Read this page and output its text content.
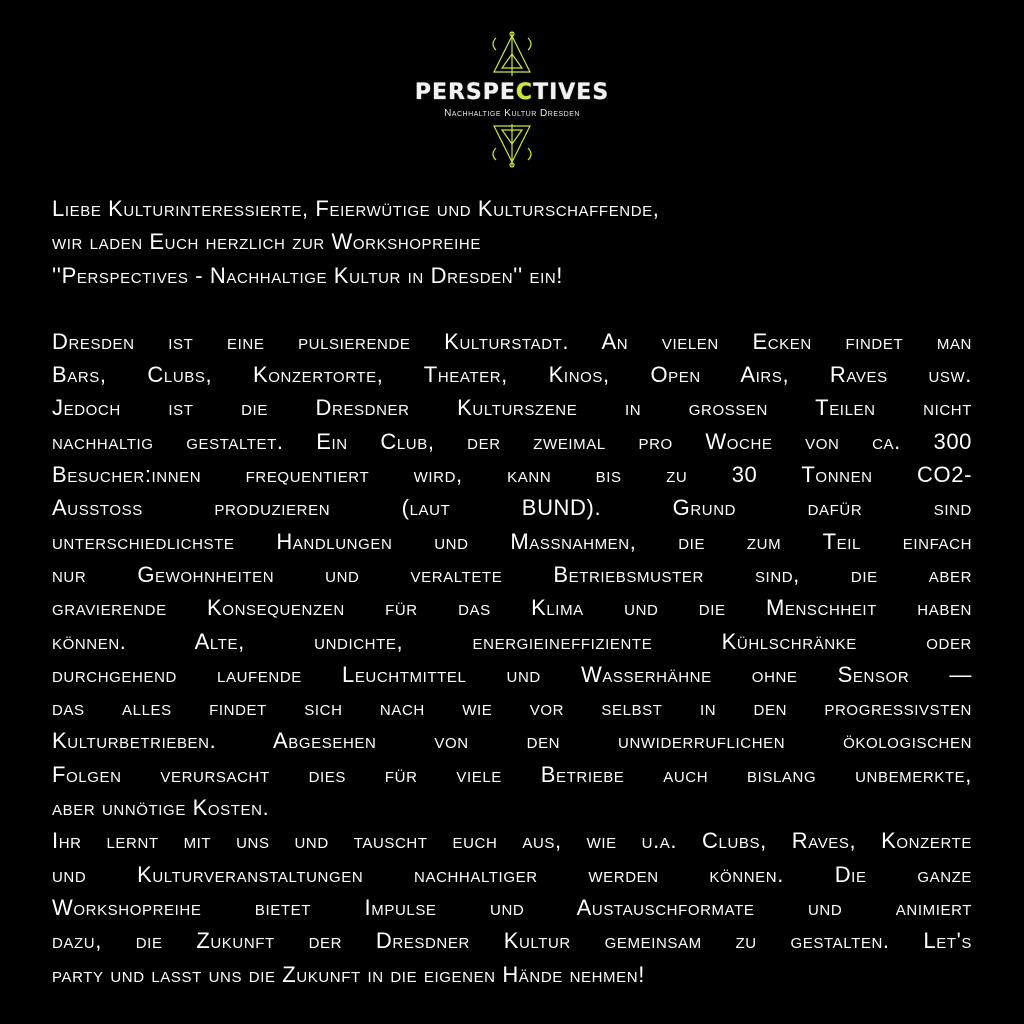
PERSPECTIVES
Nachhaltige Kultur Dresden

Liebe Kulturinteressierte, Feierwütige und Kulturschaffende,
wir laden Euch herzlich zur Workshopreihe
''Perspectives - Nachhaltige Kultur in Dresden'' ein!

Dresden ist eine pulsierende Kulturstadt. An vielen Ecken findet man
Bars, Clubs, Konzertorte, Theater, Kinos, Open Airs, Raves usw.
Jedoch ist die Dresdner Kulturszene in grossen Teilen nicht
nachhaltig gestaltet. Ein Club, der zweimal pro Woche von ca. 300
Besucher:innen frequentiert wird, kann bis zu 30 Tonnen CO2-
Ausstoss produzieren (laut BUND). Grund dafür sind
unterschiedlichste Handlungen und Massnahmen, die zum Teil einfach
nur Gewohnheiten und veraltete Betriebsmuster sind, die aber
gravierende Konsequenzen für das Klima und die Menschheit haben
können. Alte, undichte, energieineffiziente Kühlschränke oder
durchgehend laufende Leuchtmittel und Wasserhähne ohne Sensor —
das alles findet sich nach wie vor selbst in den progressivsten
Kulturbetrieben. Abgesehen von den unwiderruflichen ökologischen
Folgen verursacht dies für viele Betriebe auch bislang unbemerkte,
aber unnötige Kosten.

Ihr lernt mit uns und tauscht euch aus, wie u.a. Clubs, Raves, Konzerte
und Kulturveranstaltungen nachhaltiger werden können. Die ganze
Workshopreihe bietet Impulse und Austauschformate und animiert
dazu, die Zukunft der Dresdner Kultur gemeinsam zu gestalten. Let's
party und lasst uns die Zukunft in die eigenen Hände nehmen!
